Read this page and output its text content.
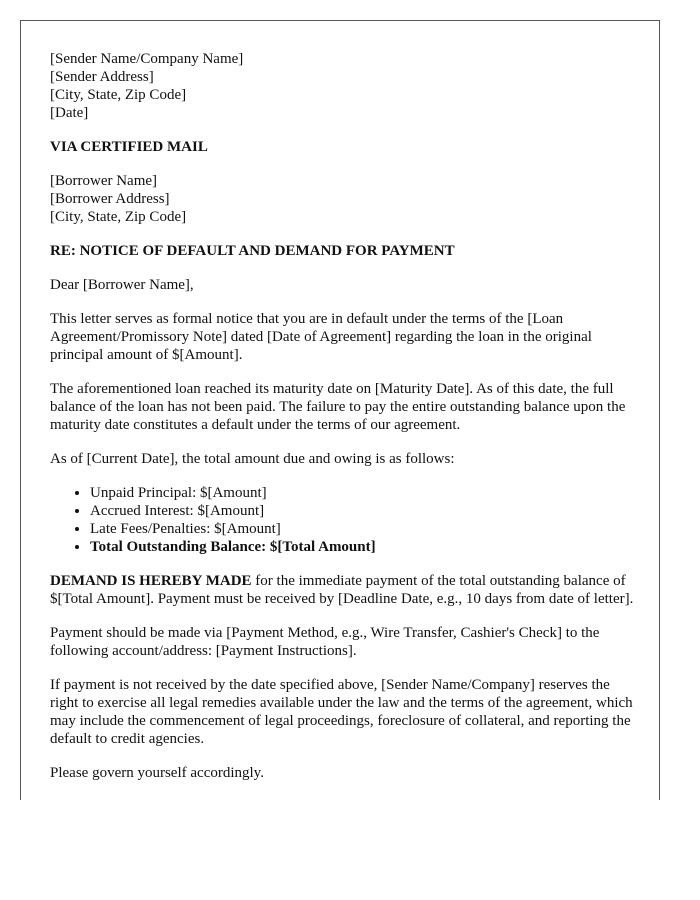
[Sender Name/Company Name]
[Sender Address]
[City, State, Zip Code]
[Date]

VIA CERTIFIED MAIL

[Borrower Name]
[Borrower Address]
[City, State, Zip Code]

RE: NOTICE OF DEFAULT AND DEMAND FOR PAYMENT

Dear [Borrower Name],

This letter serves as formal notice that you are in default under the terms of the [Loan Agreement/Promissory Note] dated [Date of Agreement] regarding the loan in the original principal amount of $[Amount].

The aforementioned loan reached its maturity date on [Maturity Date]. As of this date, the full balance of the loan has not been paid. The failure to pay the entire outstanding balance upon the maturity date constitutes a default under the terms of our agreement.

As of [Current Date], the total amount due and owing is as follows:

• Unpaid Principal: $[Amount]
• Accrued Interest: $[Amount]
• Late Fees/Penalties: $[Amount]
• Total Outstanding Balance: $[Total Amount]

DEMAND IS HEREBY MADE for the immediate payment of the total outstanding balance of $[Total Amount]. Payment must be received by [Deadline Date, e.g., 10 days from date of letter].

Payment should be made via [Payment Method, e.g., Wire Transfer, Cashier's Check] to the following account/address: [Payment Instructions].

If payment is not received by the date specified above, [Sender Name/Company] reserves the right to exercise all legal remedies available under the law and the terms of the agreement, which may include the commencement of legal proceedings, foreclosure of collateral, and reporting the default to credit agencies.

Please govern yourself accordingly.
